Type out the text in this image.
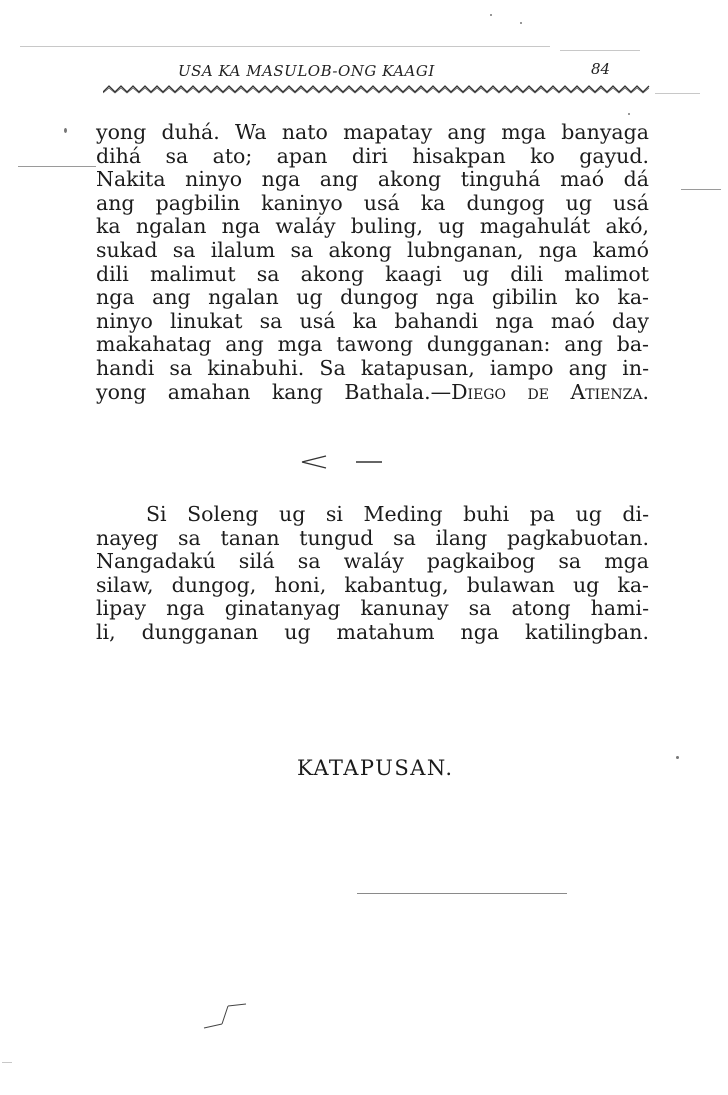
USA KA MASULOB-ONG KAAGI	84
yong duhá. Wa nato mapatay ang mga banyaga
dihá sa ato; apan diri hisakpan ko gayud.
Nakita ninyo nga ang akong tinguhá maó dá
ang pagbilin kaninyo usá ka dungog ug usá
ka ngalan nga waláy buling, ug magahulát akó,
sukad sa ilalum sa akong lubnganan, nga kamó
dili malimut sa akong kaagi ug dili malimot
nga ang ngalan ug dungog nga gibilin ko ka-
ninyo linukat sa usá ka bahandi nga maó day
makahatag ang mga tawong dungganan: ang ba-
handi sa kinabuhi. Sa katapusan, iampo ang in-
yong amahan kang Bathala.—Diego de Atienza.
Si Soleng ug si Meding buhi pa ug di-
nayeg sa tanan tungud sa ilang pagkabuotan.
Nangadakú silá sa waláy pagkaibog sa mga
silaw, dungog, honi, kabantug, bulawan ug ka-
lipay nga ginatanyag kanunay sa atong hami-
li, dungganan ug matahum nga katilingban.
KATAPUSAN.
